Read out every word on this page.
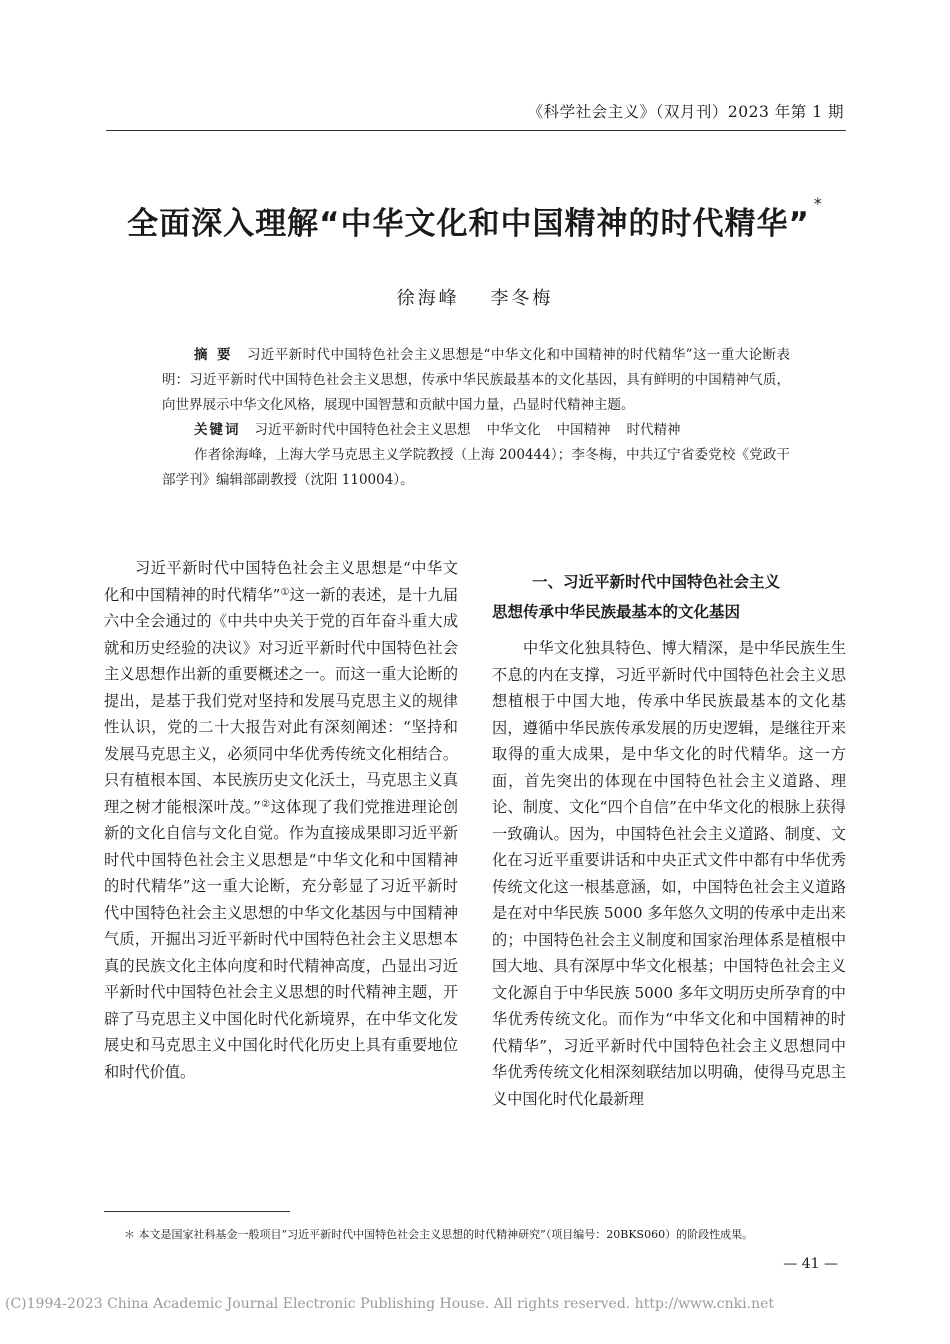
《科学社会主义》（双月刊）2023 年第 1 期
全面深入理解“中华文化和中国精神的时代精华”*
徐海峰 李冬梅

摘 要 习近平新时代中国特色社会主义思想是“中华文化和中国精神的时代精华”这一重大论断表明：习近平新时代中国特色社会主义思想，传承中华民族最基本的文化基因，具有鲜明的中国精神气质，向世界展示中华文化风格，展现中国智慧和贡献中国力量，凸显时代精神主题。

关键词 习近平新时代中国特色社会主义思想 中华文化 中国精神 时代精神

作者徐海峰，上海大学马克思主义学院教授（上海 200444）；李冬梅，中共辽宁省委党校《党政干部学刊》编辑部副教授（沈阳 110004）。

习近平新时代中国特色社会主义思想是“中华文化和中国精神的时代精华”①这一新的表述，是十九届六中全会通过的《中共中央关于党的百年奋斗重大成就和历史经验的决议》对习近平新时代中国特色社会主义思想作出新的重要概述之一。而这一重大论断的提出，是基于我们党对坚持和发展马克思主义的规律性认识，党的二十大报告对此有深刻阐述：“坚持和发展马克思主义，必须同中华优秀传统文化相结合。只有植根本国、本民族历史文化沃土，马克思主义真理之树才能根深叶茂。”②这体现了我们党推进理论创新的文化自信与文化自觉。作为直接成果即习近平新时代中国特色社会主义思想是“中华文化和中国精神的时代精华”这一重大论断，充分彰显了习近平新时代中国特色社会主义思想的中华文化基因与中国精神气质，开掘出习近平新时代中国特色社会主义思想本真的民族文化主体向度和时代精神高度，凸显出习近平新时代中国特色社会主义思想的时代精神主题，开辟了马克思主义中国化时代化新境界，在中华文化发展史和马克思主义中国化时代化历史上具有重要地位和时代价值。

一、习近平新时代中国特色社会主义
思想传承中华民族最基本的文化基因

中华文化独具特色、博大精深，是中华民族生生不息的内在支撑，习近平新时代中国特色社会主义思想植根于中国大地，传承中华民族最基本的文化基因，遵循中华民族传承发展的历史逻辑，是继往开来取得的重大成果，是中华文化的时代精华。这一方面，首先突出的体现在中国特色社会主义道路、理论、制度、文化“四个自信”在中华文化的根脉上获得一致确认。因为，中国特色社会主义道路、制度、文化在习近平重要讲话和中央正式文件中都有中华优秀传统文化这一根基意涵，如，中国特色社会主义道路是在对中华民族 5000 多年悠久文明的传承中走出来的；中国特色社会主义制度和国家治理体系是植根中国大地、具有深厚中华文化根基；中国特色社会主义文化源自于中华民族 5000 多年文明历史所孕育的中华优秀传统文化。而作为“中华文化和中国精神的时代精华”，习近平新时代中国特色社会主义思想同中华优秀传统文化相深刻联结加以明确，使得马克思主义中国化时代化最新理

＊ 本文是国家社科基金一般项目“习近平新时代中国特色社会主义思想的时代精神研究”（项目编号：20BKS060）的阶段性成果。
— 41 —
(C)1994-2023 China Academic Journal Electronic Publishing House. All rights reserved. http://www.cnki.net
